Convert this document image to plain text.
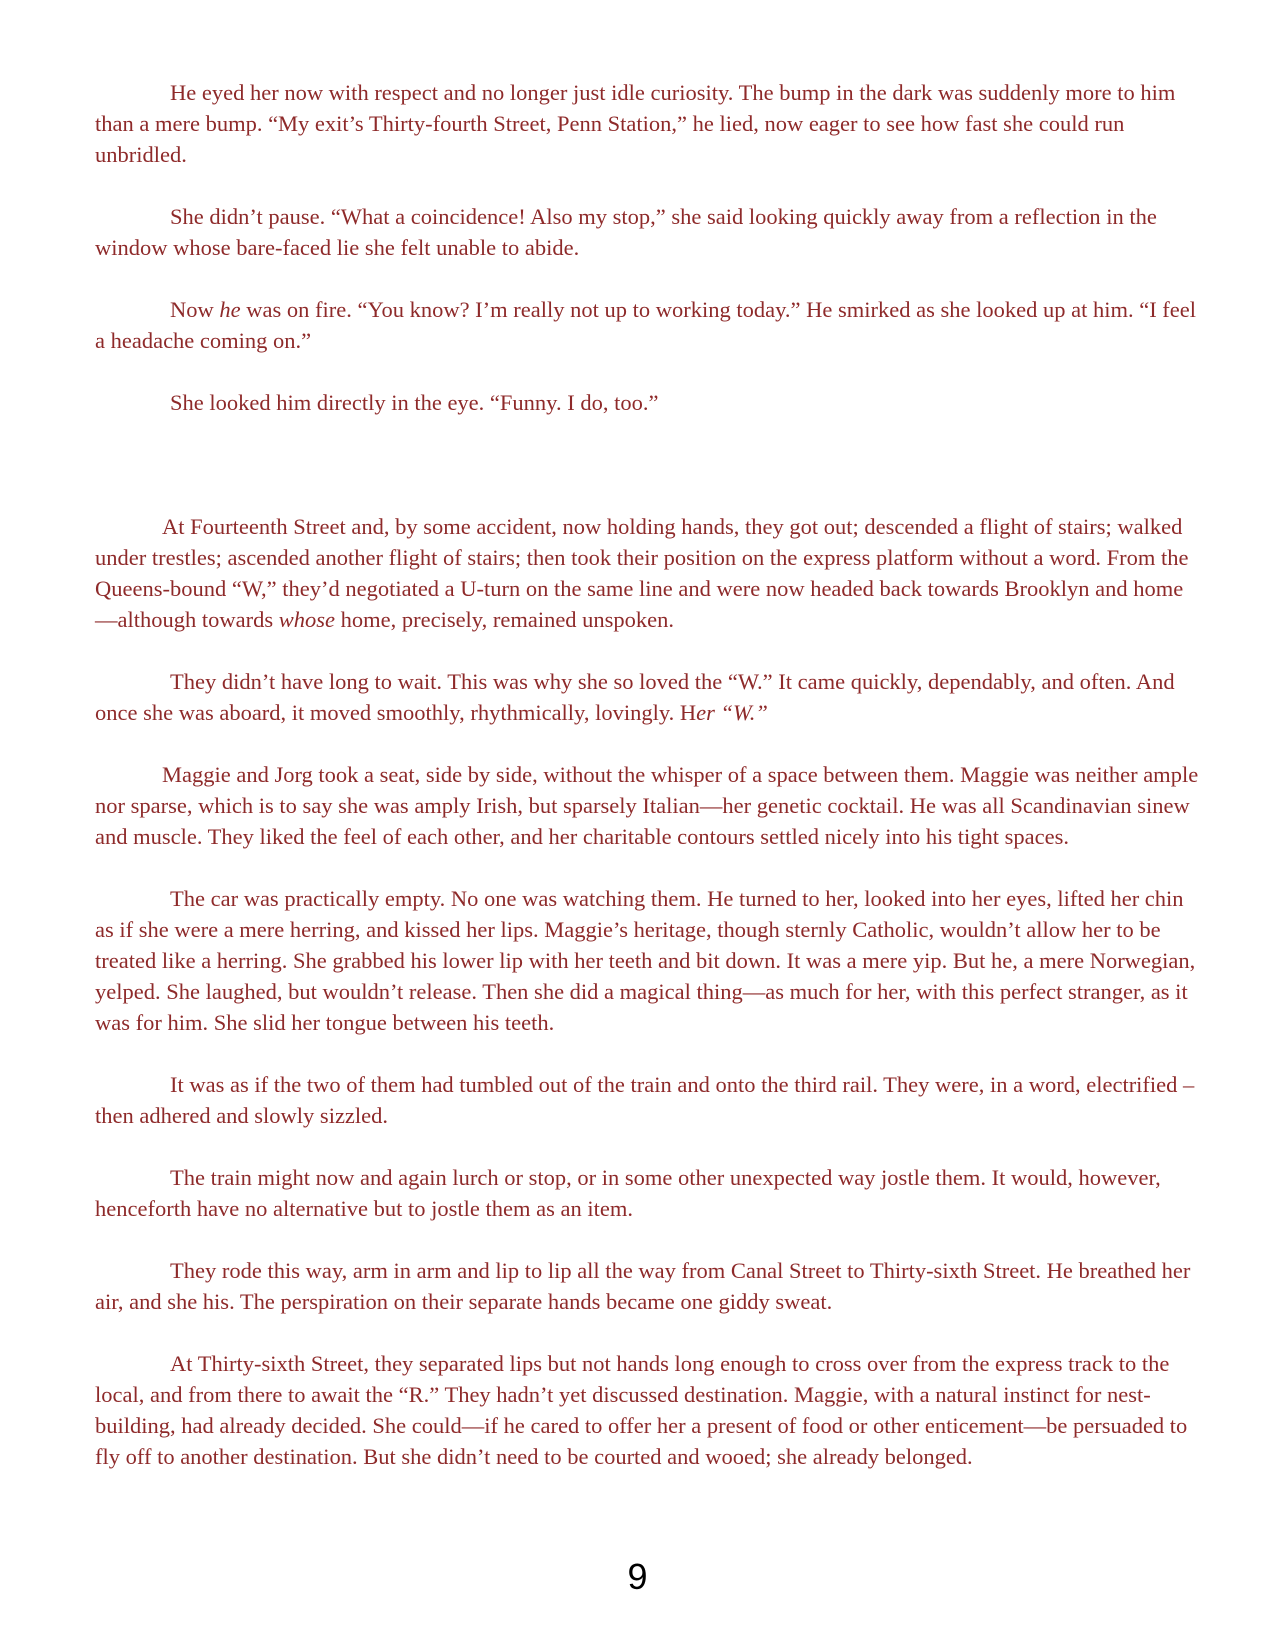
He eyed her now with respect and no longer just idle curiosity. The bump in the dark was suddenly more to him than a mere bump. “My exit’s Thirty-fourth Street, Penn Station,” he lied, now eager to see how fast she could run unbridled.

She didn’t pause. “What a coincidence! Also my stop,” she said looking quickly away from a reflection in the window whose bare-faced lie she felt unable to abide.

Now he was on fire. “You know? I’m really not up to working today.” He smirked as she looked up at him. “I feel a headache coming on.”

She looked him directly in the eye. “Funny. I do, too.”

At Fourteenth Street and, by some accident, now holding hands, they got out; descended a flight of stairs; walked under trestles; ascended another flight of stairs; then took their position on the express platform without a word. From the Queens-bound “W,” they’d negotiated a U-turn on the same line and were now headed back towards Brooklyn and home—although towards whose home, precisely, remained unspoken.

They didn’t have long to wait. This was why she so loved the “W.” It came quickly, dependably, and often. And once she was aboard, it moved smoothly, rhythmically, lovingly. Her “W.”

Maggie and Jorg took a seat, side by side, without the whisper of a space between them. Maggie was neither ample nor sparse, which is to say she was amply Irish, but sparsely Italian—her genetic cocktail. He was all Scandinavian sinew and muscle. They liked the feel of each other, and her charitable contours settled nicely into his tight spaces.

The car was practically empty. No one was watching them. He turned to her, looked into her eyes, lifted her chin as if she were a mere herring, and kissed her lips. Maggie’s heritage, though sternly Catholic, wouldn’t allow her to be treated like a herring. She grabbed his lower lip with her teeth and bit down. It was a mere yip. But he, a mere Norwegian, yelped. She laughed, but wouldn’t release. Then she did a magical thing—as much for her, with this perfect stranger, as it was for him. She slid her tongue between his teeth.

It was as if the two of them had tumbled out of the train and onto the third rail. They were, in a word, electrified – then adhered and slowly sizzled.

The train might now and again lurch or stop, or in some other unexpected way jostle them. It would, however, henceforth have no alternative but to jostle them as an item.

They rode this way, arm in arm and lip to lip all the way from Canal Street to Thirty-sixth Street. He breathed her air, and she his. The perspiration on their separate hands became one giddy sweat.

At Thirty-sixth Street, they separated lips but not hands long enough to cross over from the express track to the local, and from there to await the “R.” They hadn’t yet discussed destination. Maggie, with a natural instinct for nest-building, had already decided. She could—if he cared to offer her a present of food or other enticement—be persuaded to fly off to another destination. But she didn’t need to be courted and wooed; she already belonged.

9
